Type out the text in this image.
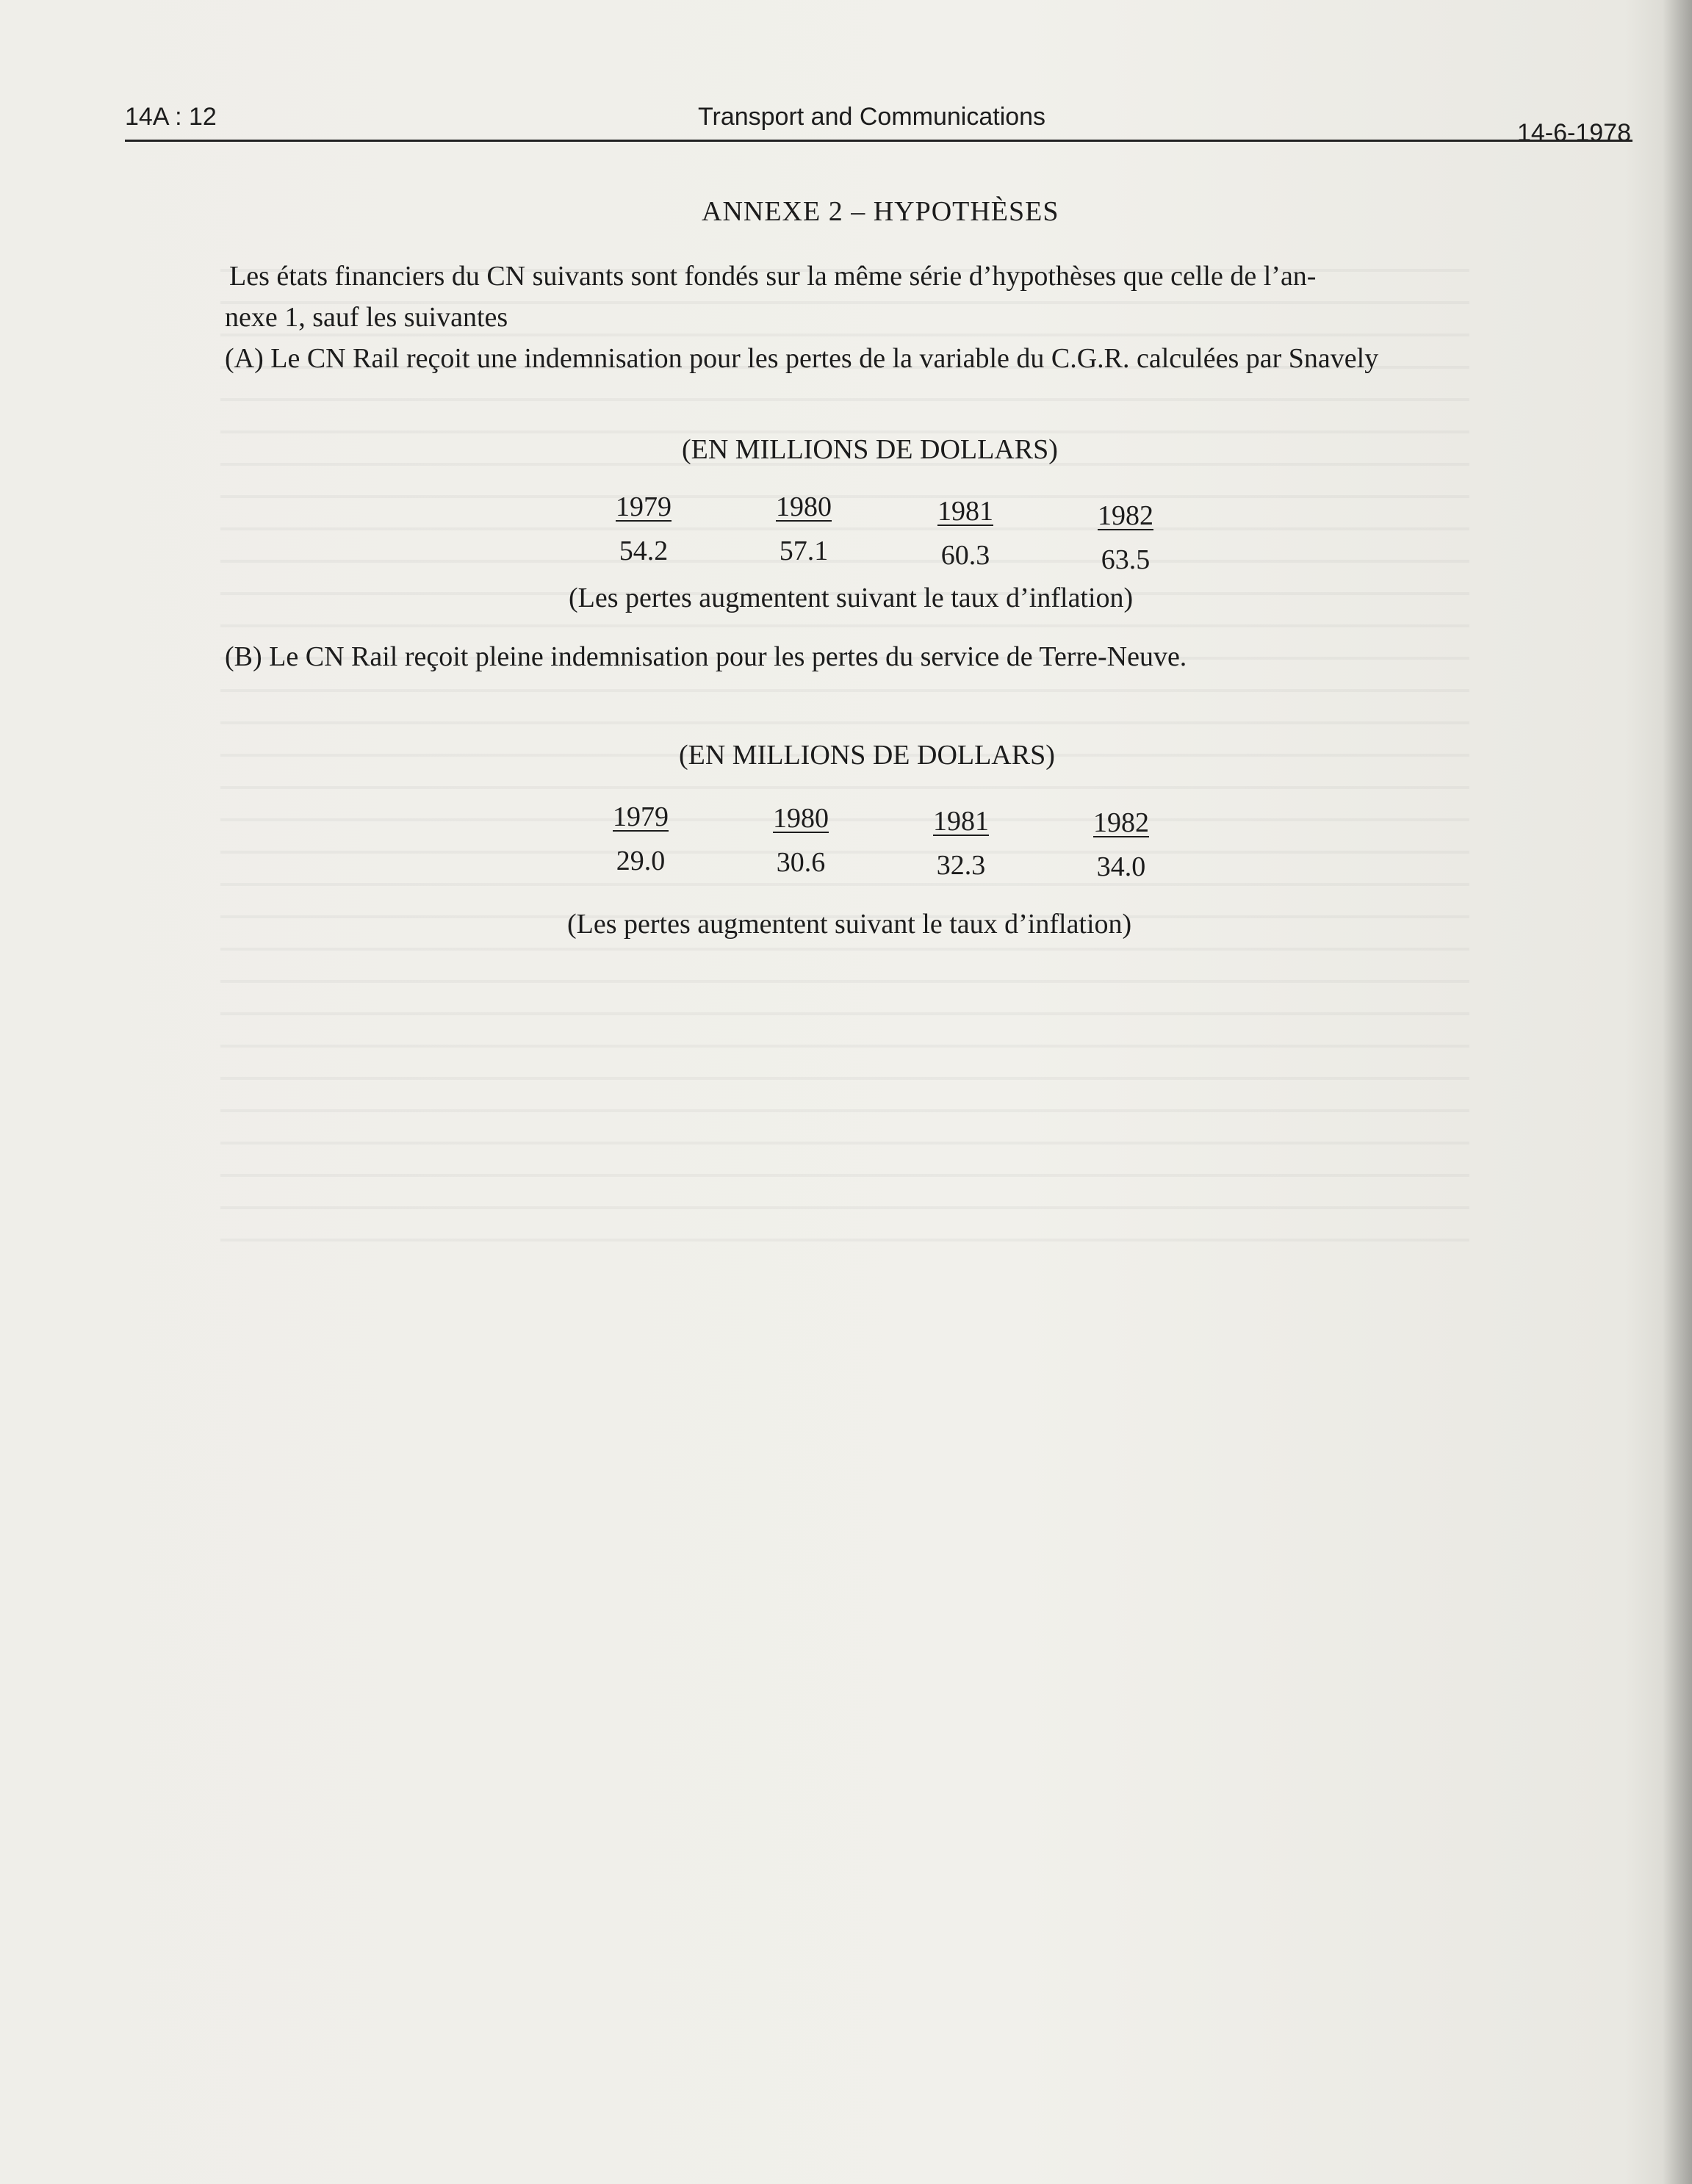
14A : 12	Transport and Communications
14-6-1978
ANNEXE 2 – HYPOTHÈSES
Les états financiers du CN suivants sont fondés sur la même série d’hypothèses que celle de l’an-
nexe 1, sauf les suivantes
(A) Le CN Rail reçoit une indemnisation pour les pertes de la variable du C.G.R. calculées par Snavely
(EN MILLIONS DE DOLLARS)
1979
54.2
1980
57.1
1981
60.3
1982
63.5
(Les pertes augmentent suivant le taux d’inflation)
(B) Le CN Rail reçoit pleine indemnisation pour les pertes du service de Terre-Neuve.
(EN MILLIONS DE DOLLARS)
1979
29.0
1980
30.6
1981
32.3
1982
34.0
(Les pertes augmentent suivant le taux d’inflation)
